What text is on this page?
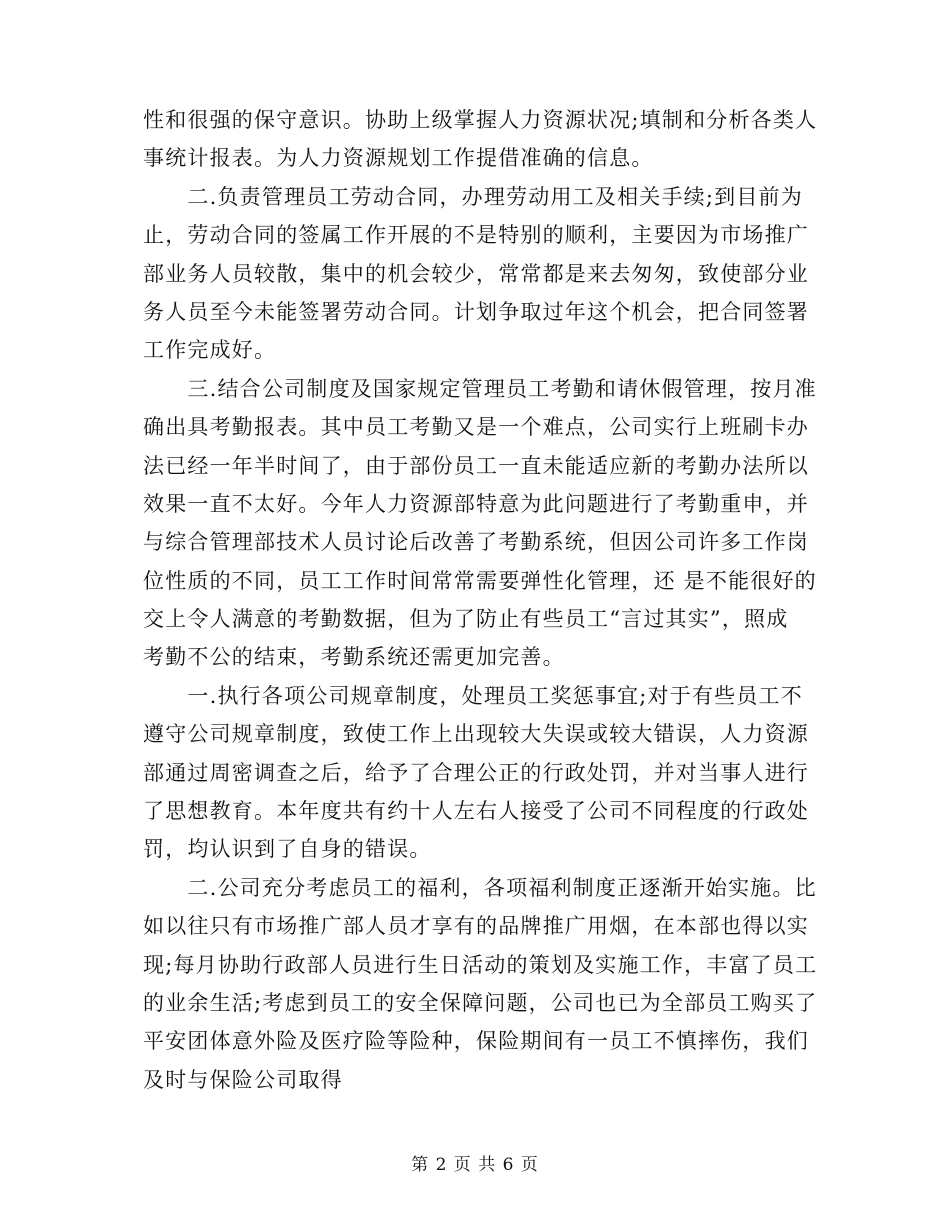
性和很强的保守意识。协助上级掌握人力资源状况;填制和分析各类人
事统计报表。为人力资源规划工作提借准确的信息。
　　二.负责管理员工劳动合同，办理劳动用工及相关手续;到目前为
止，劳动合同的签属工作开展的不是特别的顺利，主要因为市场推广
部业务人员较散，集中的机会较少，常常都是来去匆匆，致使部分业
务人员至今未能签署劳动合同。计划争取过年这个机会，把合同签署
工作完成好。
　　三.结合公司制度及国家规定管理员工考勤和请休假管理，按月准
确出具考勤报表。其中员工考勤又是一个难点，公司实行上班刷卡办
法已经一年半时间了，由于部份员工一直未能适应新的考勤办法所以
效果一直不太好。今年人力资源部特意为此问题进行了考勤重申，并
与综合管理部技术人员讨论后改善了考勤系统，但因公司许多工作岗
位性质的不同，员工工作时间常常需要弹性化管理，还 是不能很好的
交上令人满意的考勤数据，但为了防止有些员工“言过其实”，照成
考勤不公的结束，考勤系统还需更加完善。
　　一.执行各项公司规章制度，处理员工奖惩事宜;对于有些员工不
遵守公司规章制度，致使工作上出现较大失误或较大错误，人力资源
部通过周密调查之后，给予了合理公正的行政处罚，并对当事人进行
了思想教育。本年度共有约十人左右人接受了公司不同程度的行政处
罚，均认识到了自身的错误。
　　二.公司充分考虑员工的福利，各项福利制度正逐渐开始实施。比
如以往只有市场推广部人员才享有的品牌推广用烟，在本部也得以实
现;每月协助行政部人员进行生日活动的策划及实施工作，丰富了员工
的业余生活;考虑到员工的安全保障问题，公司也已为全部员工购买了
平安团体意外险及医疗险等险种，保险期间有一员工不慎摔伤，我们
及时与保险公司取得
第 2 页 共 6 页
